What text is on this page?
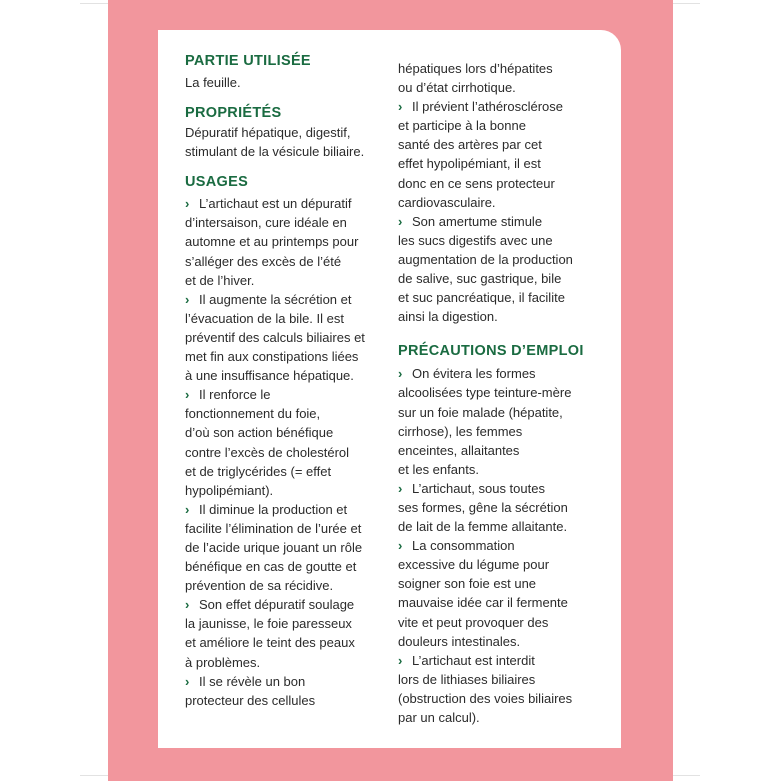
PARTIE UTILISÉE

La feuille.

PROPRIÉTÉS

Dépuratif hépatique, digestif,
stimulant de la vésicule biliaire.

USAGES

› L’artichaut est un dépuratif
d’intersaison, cure idéale en
automne et au printemps pour
s’alléger des excès de l’été
et de l’hiver.
› Il augmente la sécrétion et
l’évacuation de la bile. Il est
préventif des calculs biliaires et
met fin aux constipations liées
à une insuffisance hépatique.
› Il renforce le
fonctionnement du foie,
d’où son action bénéfique
contre l’excès de cholestérol
et de triglycérides (= effet
hypolipémiant).
› Il diminue la production et
facilite l’élimination de l’urée et
de l’acide urique jouant un rôle
bénéfique en cas de goutte et
prévention de sa récidive.
› Son effet dépuratif soulage
la jaunisse, le foie paresseux
et améliore le teint des peaux
à problèmes.
› Il se révèle un bon
protecteur des cellules
hépatiques lors d’hépatites
ou d’état cirrhotique.
› Il prévient l’athérosclérose
et participe à la bonne
santé des artères par cet
effet hypolipémiant, il est
donc en ce sens protecteur
cardiovasculaire.
› Son amertume stimule
les sucs digestifs avec une
augmentation de la production
de salive, suc gastrique, bile
et suc pancréatique, il facilite
ainsi la digestion.

PRÉCAUTIONS D’EMPLOI

› On évitera les formes
alcoolisées type teinture-mère
sur un foie malade (hépatite,
cirrhose), les femmes
enceintes, allaitantes
et les enfants.
› L’artichaut, sous toutes
ses formes, gêne la sécrétion
de lait de la femme allaitante.
› La consommation
excessive du légume pour
soigner son foie est une
mauvaise idée car il fermente
vite et peut provoquer des
douleurs intestinales.
› L’artichaut est interdit
lors de lithiases biliaires
(obstruction des voies biliaires
par un calcul).
